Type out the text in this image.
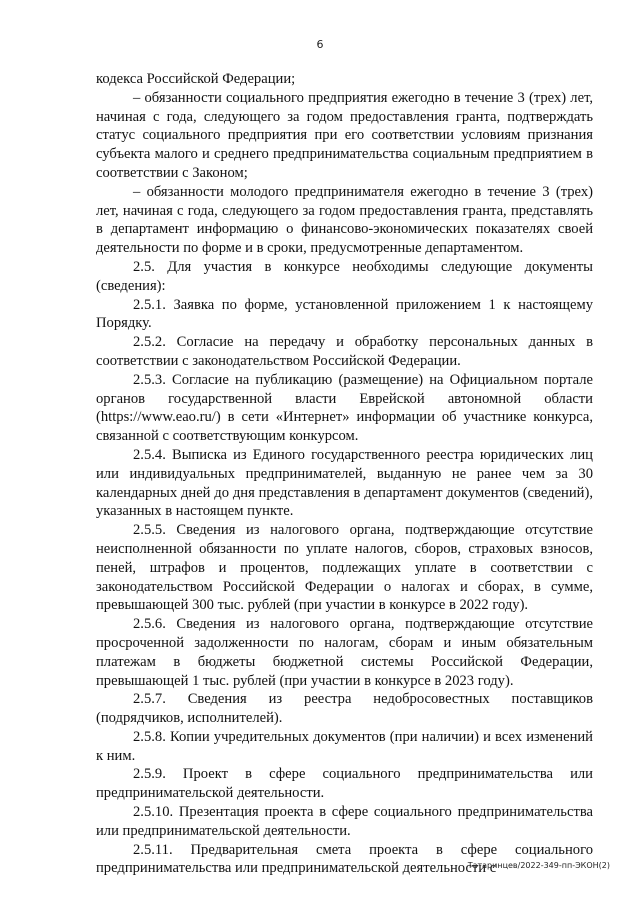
6

кодекса Российской Федерации;

– обязанности социального предприятия ежегодно в течение 3 (трех) лет, начиная с года, следующего за годом предоставления гранта, подтверждать статус социального предприятия при его соответствии условиям признания субъекта малого и среднего предпринимательства социальным предприятием в соответствии с Законом;

– обязанности молодого предпринимателя ежегодно в течение 3 (трех) лет, начиная с года, следующего за годом предоставления гранта, представлять в департамент информацию о финансово-экономических показателях своей деятельности по форме и в сроки, предусмотренные департаментом.

2.5. Для участия в конкурсе необходимы следующие документы (сведения):

2.5.1. Заявка по форме, установленной приложением 1 к настоящему Порядку.

2.5.2. Согласие на передачу и обработку персональных данных в соответствии с законодательством Российской Федерации.

2.5.3. Согласие на публикацию (размещение) на Официальном портале органов государственной власти Еврейской автономной области (https://www.eao.ru/) в сети «Интернет» информации об участнике конкурса, связанной с соответствующим конкурсом.

2.5.4. Выписка из Единого государственного реестра юридических лиц или индивидуальных предпринимателей, выданную не ранее чем за 30 календарных дней до дня представления в департамент документов (сведений), указанных в настоящем пункте.

2.5.5. Сведения из налогового органа, подтверждающие отсутствие неисполненной обязанности по уплате налогов, сборов, страховых взносов, пеней, штрафов и процентов, подлежащих уплате в соответствии с законодательством Российской Федерации о налогах и сборах, в сумме, превышающей 300 тыс. рублей (при участии в конкурсе в 2022 году).

2.5.6. Сведения из налогового органа, подтверждающие отсутствие просроченной задолженности по налогам, сборам и иным обязательным платежам в бюджеты бюджетной системы Российской Федерации, превышающей 1 тыс. рублей (при участии в конкурсе в 2023 году).

2.5.7. Сведения из реестра недобросовестных поставщиков (подрядчиков, исполнителей).

2.5.8. Копии учредительных документов (при наличии) и всех изменений к ним.

2.5.9. Проект в сфере социального предпринимательства или предпринимательской деятельности.

2.5.10. Презентация проекта в сфере социального предпринимательства или предпринимательской деятельности.

2.5.11. Предварительная смета проекта в сфере социального предпринимательства или предпринимательской деятельности с

Татаринцев/2022-349-пп-ЭКОН(2)
